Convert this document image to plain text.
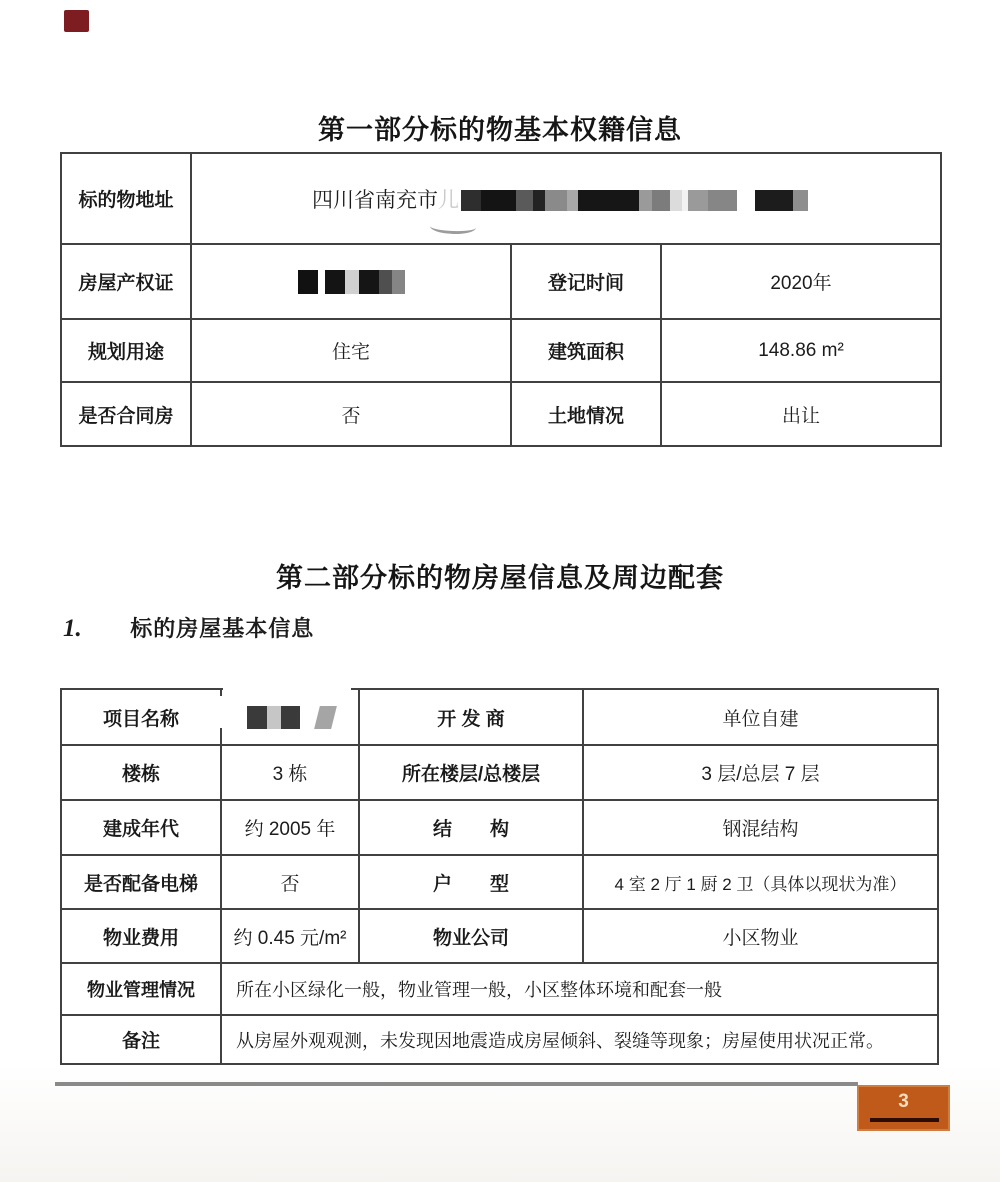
第一部分标的物基本权籍信息
标的物地址	四川省南充市儿		

房屋产权证		登记时间	2020年
规划用途	住宅	建筑面积	148.86 m²
是否合同房	否	土地情况	出让
第二部分标的物房屋信息及周边配套
1. 标的房屋基本信息
项目名称		开 发 商	单位自建
楼栋	3 栋	所在楼层/总楼层	3 层/总层 7 层
建成年代	约 2005 年	结　　构	钢混结构
是否配备电梯	否	户　　型	4 室 2 厅 1 厨 2 卫（具体以现状为准）
物业费用	约 0.45 元/m²	物业公司	小区物业
物业管理情况	所在小区绿化一般，物业管理一般，小区整体环境和配套一般		
备注	从房屋外观观测，未发现因地震造成房屋倾斜、裂缝等现象；房屋使用状况正常。		
3
